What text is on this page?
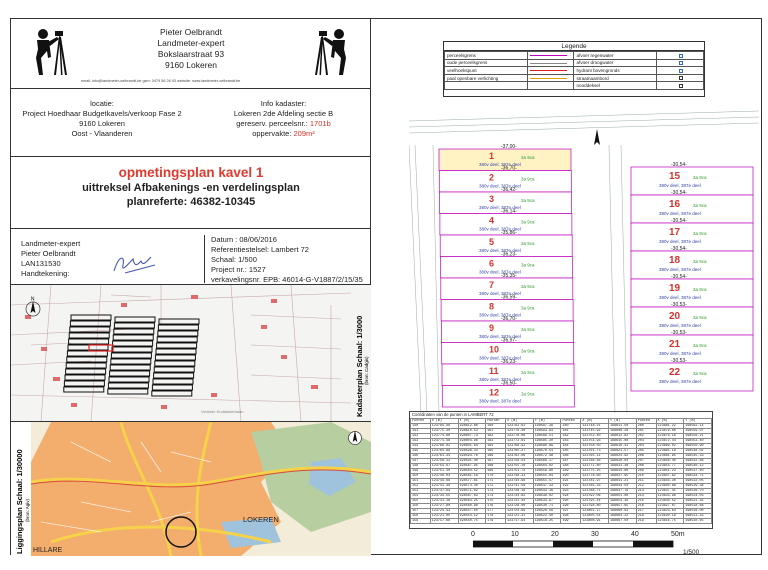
Pieter Oelbrandt
Landmeter-expert
Bokslaarstraat 93
9160 Lokeren
email: info@landmeter-oelbrandt.be gsm: 0479 56 26 93 website: www.landmeter-oelbrandt.be
locatie:
Project Hoedhaar Budgetkavels/verkoop Fase 2
9160 Lokeren
Oost - Vlaanderen
Info kadaster:
Lokeren 2de Afdeling sectie B
gereserv. perceelsnr.: 1701b
oppervakte: 209m²
opmetingsplan kavel 1
uittreksel Afbakenings -en verdelingsplan
planreferte: 46382-10345
Landmeter-expert
Pieter Oelbrandt
LAN131530
Handtekening:
Datum : 08/06/2016
Referentiestelsel: Lambert 72
Schaal: 1/500
Project nr.: 1527
verkavelingsnr. EPB: 46014-G-V1887/2/15/35
Verlinde Kruitakkerbaan
N
Kadasterplan Schaal: 1/3000 (bron: Cadgis)
LOKEREN
HILLARE
Liggingsplan Schaal: 1/30000 (bron: Agiv)
Legende
perceelsgrens		afvoer regenwater	
oude perceelsgrens		afvoer droogwater	
veelhoekspunt		hydrant bovengronds	
paal openbare verlichting		straatnaambord	
		nooddeksel	
-37,00-
1	3a 9ca
380v deel, 387e deel
-36,70-
2	3a 9ca
380v deel, 387e deel
-36,42-
3	3a 9ca
380v deel, 387e deel
-36,14-
4	3a 9ca
380v deel, 387e deel
-35,86-
5	3a 9ca
380v deel, 387e deel
-36,23-
6	3a 9ca
380v deel, 387e deel
-35,35-
7	3a 9ca
380v deel, 387e deel
-36,59-
8	3a 9ca
380v deel, 387e deel
-36,70-
9	3a 9ca
380v deel, 387e deel
-36,97-
10	3a 9ca
380v deel, 387e deel
-36,23-
11	3a 9ca
380v deel, 387e deel
-36,50-
12	3a 9ca
380v deel, 387e deel
-30,54-
15	3a 9ca
380v deel, 387e deel
-30,54-
16	3a 9ca
380v deel, 387e deel
-30,54-
17	3a 9ca
380v deel, 387e deel
-30,54-
18	3a 9ca
380v deel, 387e deel
-30,54-
19	3a 9ca
380v deel, 387e deel
-30,53-
20	3a 9ca
380v deel, 387e deel
-30,53-
21	3a 9ca
380v deel, 387e deel
-30,53-
22	3a 9ca
380v deel, 387e deel
Coördinaten van de punten in LAMBERT 72
Punten	X (m)	Y (m)	Punten	X (m)	Y (m)	Punten	X (m)	Y (m)	Punten	X (m)	Y (m)
140	123784.96	198612.80	160	123782.61	198597.38	180	123748.21	198611.50	200	123681.22	198562.14
141	123775.30	198610.53	161	123779.40	198593.64	181	123745.92	198608.28	201	123679.80	198559.07
142	123774.66	198607.73	162	123776.08	198589.51	182	123752.40	198612.82	202	123676.18	198556.21
143	123771.48	198604.98	163	123772.61	198585.30	183	123754.93	198615.08	203	123672.44	198553.40
144	123768.02	198601.64	164	123768.92	198580.89	184	123758.50	198618.41	204	123669.02	198550.90
145	123764.88	198598.33	165	123765.37	198576.54	185	123761.73	198621.57	205	123665.18	198548.02
146	123761.34	198594.76	166	123762.06	198572.48	186	123765.11	198624.92	206	123661.95	198545.33
147	123758.12	198591.40	167	123758.54	198568.17	187	123768.46	198628.04	207	123658.40	198542.86
148	123754.67	198587.95	168	123755.10	198564.02	188	123771.80	198631.38	208	123654.77	198540.12
149	123751.40	198584.52	169	123751.72	198559.80	189	123775.25	198634.66	209	123651.23	198537.40
150	123748.03	198581.18	170	123748.33	198555.64	190	123778.60	198637.95	210	123647.82	198534.71
151	123744.69	198577.81	171	123744.96	198551.47	191	123781.97	198641.21	211	123644.30	198532.05
152	123741.30	198574.40	172	123741.58	198547.33	192	123785.33	198644.50	212	123640.88	198529.38
153	123737.94	198571.02	173	123738.19	198543.16	193	123788.71	198647.79	213	123637.41	198526.70
154	123734.55	198567.63	174	123734.82	198539.02	194	123792.06	198651.08	214	123633.96	198524.03
155	123731.18	198564.25	175	123731.44	198534.87	195	123795.44	198654.36	215	123630.52	198521.35
156	123727.80	198560.88	176	123728.06	198530.71	196	123798.80	198657.65	216	123627.07	198518.68
157	123724.43	198557.50	177	123724.69	198526.56	197	123802.17	198660.93	217	123623.63	198516.00
158	123721.05	198554.12	178	123721.31	198522.40	198	123805.54	198664.22	218	123620.19	198513.33
159	123717.68	198550.75	179	123717.94	198518.25	199	123808.91	198667.50	219	123616.75	198510.65
0	10	20	30	40	50m
1/500
